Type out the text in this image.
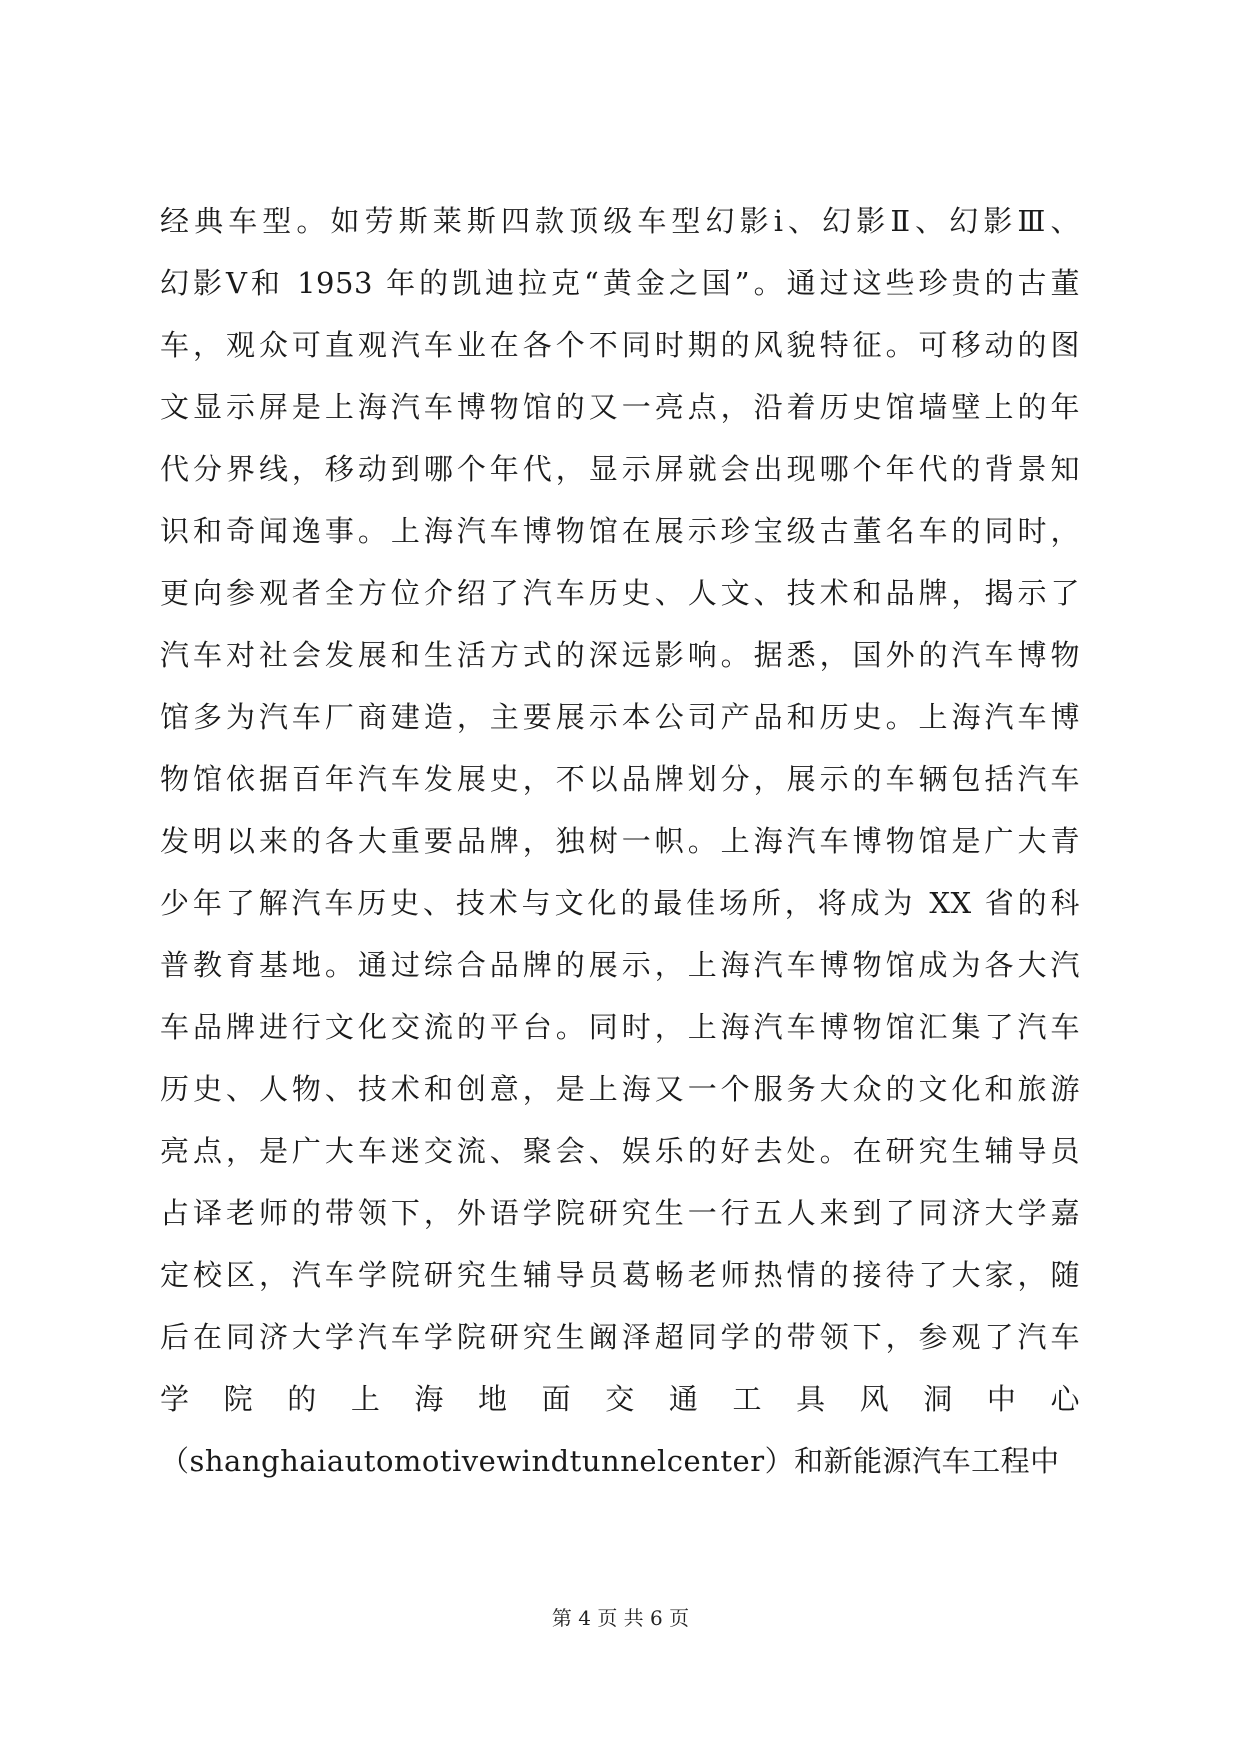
经典车型。如劳斯莱斯四款顶级车型幻影ⅰ、幻影Ⅱ、幻影Ⅲ、
幻影Ⅴ和 1953 年的凯迪拉克“黄金之国”。通过这些珍贵的古董
车，观众可直观汽车业在各个不同时期的风貌特征。可移动的图
文显示屏是上海汽车博物馆的又一亮点，沿着历史馆墙壁上的年
代分界线，移动到哪个年代，显示屏就会出现哪个年代的背景知
识和奇闻逸事。上海汽车博物馆在展示珍宝级古董名车的同时，
更向参观者全方位介绍了汽车历史、人文、技术和品牌，揭示了
汽车对社会发展和生活方式的深远影响。据悉，国外的汽车博物
馆多为汽车厂商建造，主要展示本公司产品和历史。上海汽车博
物馆依据百年汽车发展史，不以品牌划分，展示的车辆包括汽车
发明以来的各大重要品牌，独树一帜。上海汽车博物馆是广大青
少年了解汽车历史、技术与文化的最佳场所，将成为 XX 省的科
普教育基地。通过综合品牌的展示，上海汽车博物馆成为各大汽
车品牌进行文化交流的平台。同时，上海汽车博物馆汇集了汽车
历史、人物、技术和创意，是上海又一个服务大众的文化和旅游
亮点，是广大车迷交流、聚会、娱乐的好去处。在研究生辅导员
占译老师的带领下，外语学院研究生一行五人来到了同济大学嘉
定校区，汽车学院研究生辅导员葛畅老师热情的接待了大家，随
后在同济大学汽车学院研究生阚泽超同学的带领下，参观了汽车
学 院 的 上 海 地 面 交 通 工 具 风 洞 中 心
（shanghaiautomotivewindtunnelcenter）和新能源汽车工程中
第 4 页 共 6 页
